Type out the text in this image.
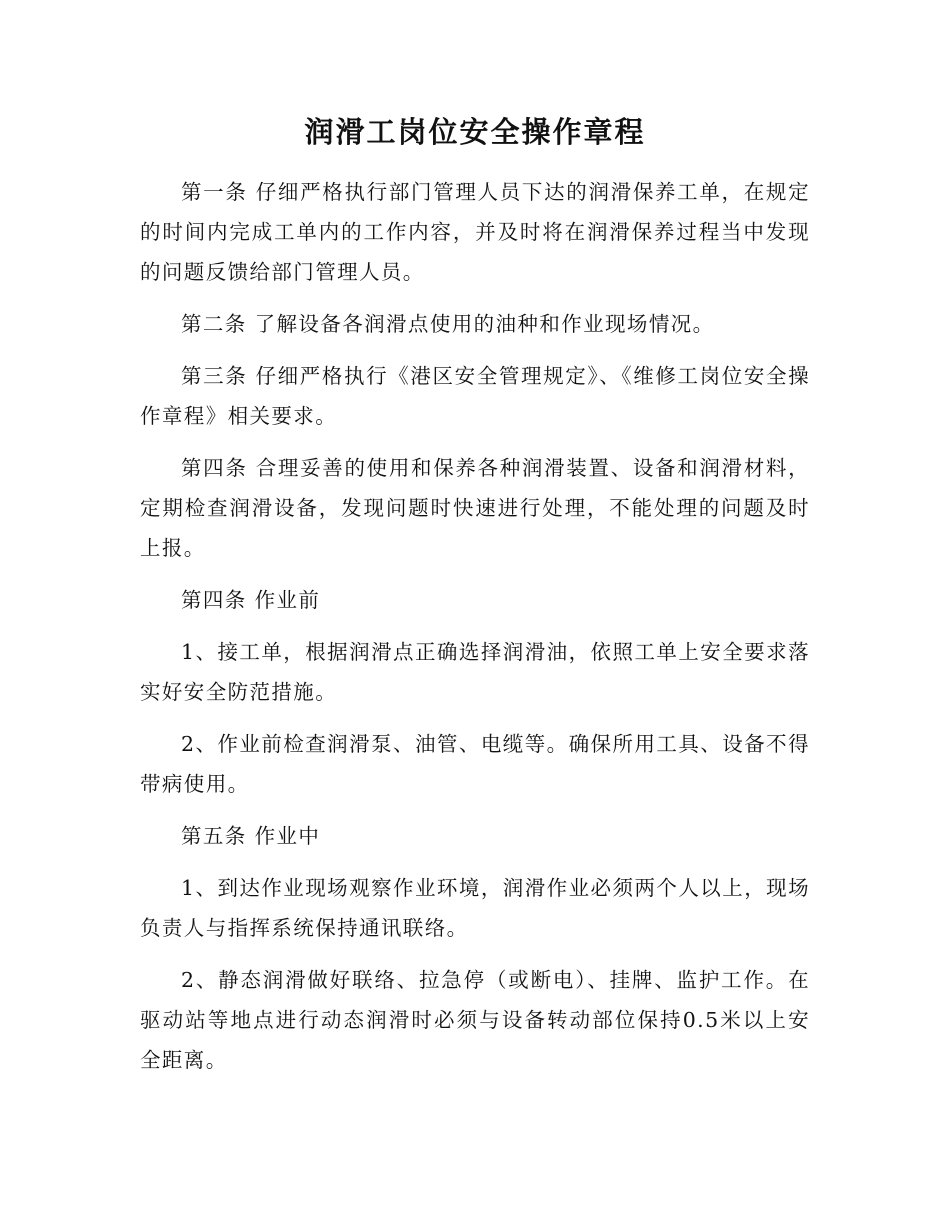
润滑工岗位安全操作章程

第一条 仔细严格执行部门管理人员下达的润滑保养工单，在规定的时间内完成工单内的工作内容，并及时将在润滑保养过程当中发现的问题反馈给部门管理人员。

第二条 了解设备各润滑点使用的油种和作业现场情况。

第三条 仔细严格执行《港区安全管理规定》、《维修工岗位安全操作章程》相关要求。

第四条 合理妥善的使用和保养各种润滑装置、设备和润滑材料，定期检查润滑设备，发现问题时快速进行处理，不能处理的问题及时上报。

第四条 作业前

1、接工单，根据润滑点正确选择润滑油，依照工单上安全要求落实好安全防范措施。

2、作业前检查润滑泵、油管、电缆等。确保所用工具、设备不得带病使用。

第五条 作业中

1、到达作业现场观察作业环境，润滑作业必须两个人以上，现场负责人与指挥系统保持通讯联络。

2、静态润滑做好联络、拉急停（或断电）、挂牌、监护工作。在驱动站等地点进行动态润滑时必须与设备转动部位保持0.5米以上安全距离。
